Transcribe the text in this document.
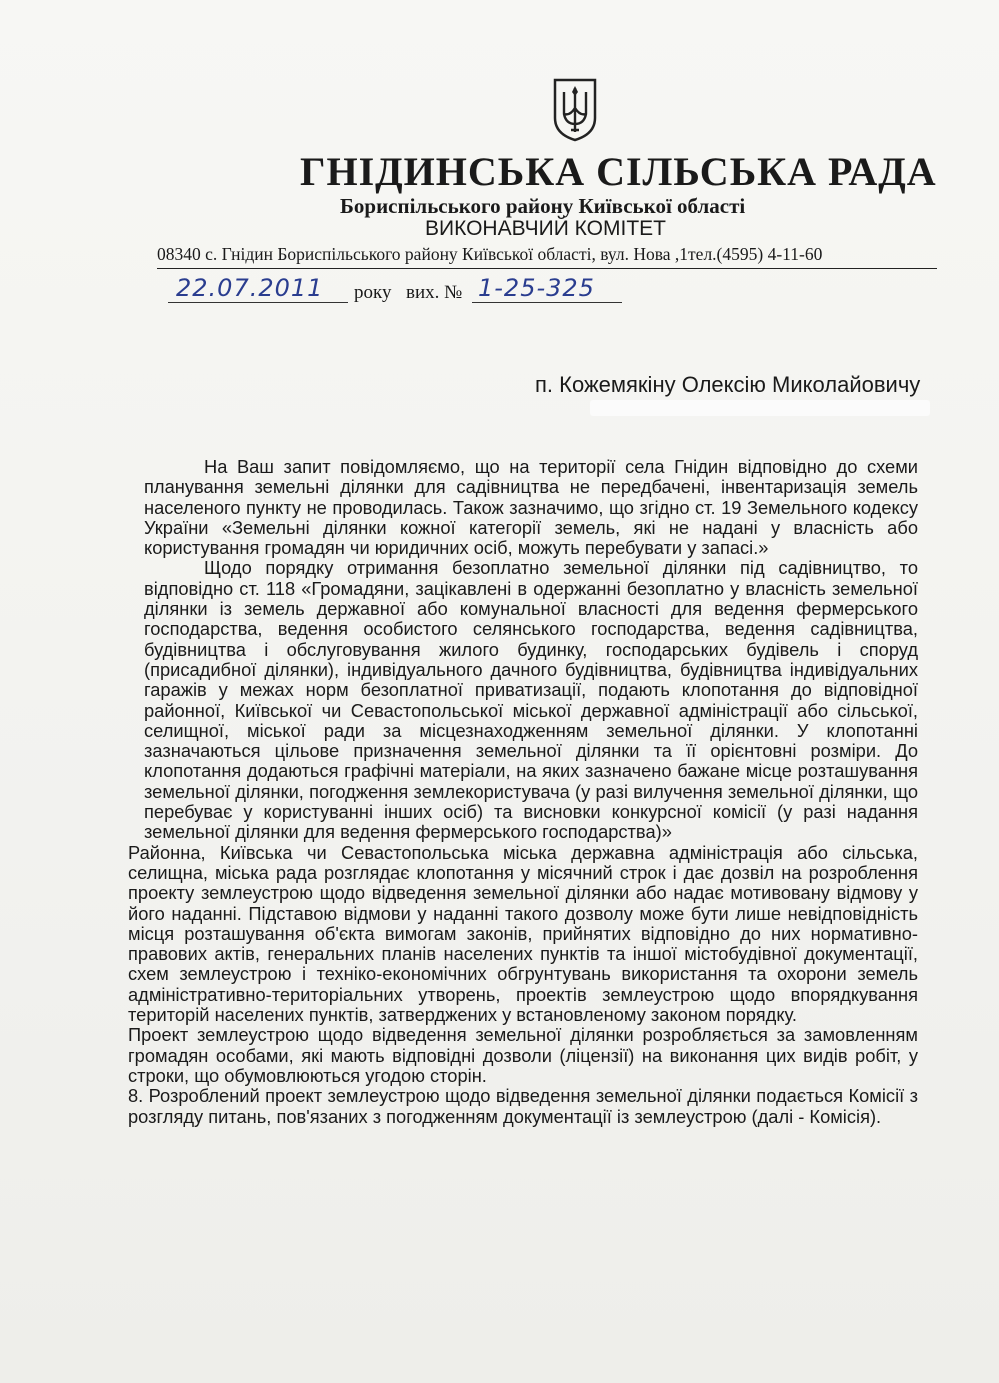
ГНІДИНСЬКА СІЛЬСЬКА РАДА
Бориспільського району Київської області
ВИКОНАВЧИЙ КОМІТЕТ
08340 с. Гнідин Бориспільського району Київської області, вул. Нова ,1тел.(4595) 4-11-60
22.07.2011 року вих. № 1-25-325
п. Кожемякіну Олексію Миколайовичу

На Ваш запит повідомляємо, що на території села Гнідин відповідно до схеми планування земельні ділянки для садівництва не передбачені, інвентаризація земель населеного пункту не проводилась. Також зазначимо, що згідно ст. 19 Земельного кодексу України «Земельні ділянки кожної категорії земель, які не надані у власність або користування громадян чи юридичних осіб, можуть перебувати у запасі.»

Щодо порядку отримання безоплатно земельної ділянки під садівництво, то відповідно ст. 118 «Громадяни, зацікавлені в одержанні безоплатно у власність земельної ділянки із земель державної або комунальної власності для ведення фермерського господарства, ведення особистого селянського господарства, ведення садівництва, будівництва і обслуговування жилого будинку, господарських будівель і споруд (присадибної ділянки), індивідуального дачного будівництва, будівництва індивідуальних гаражів у межах норм безоплатної приватизації, подають клопотання до відповідної районної, Київської чи Севастопольської міської державної адміністрації або сільської, селищної, міської ради за місцезнаходженням земельної ділянки. У клопотанні зазначаються цільове призначення земельної ділянки та її орієнтовні розміри. До клопотання додаються графічні матеріали, на яких зазначено бажане місце розташування земельної ділянки, погодження землекористувача (у разі вилучення земельної ділянки, що перебуває у користуванні інших осіб) та висновки конкурсної комісії (у разі надання земельної ділянки для ведення фермерського господарства)»

Районна, Київська чи Севастопольська міська державна адміністрація або сільська, селищна, міська рада розглядає клопотання у місячний строк і дає дозвіл на розроблення проекту землеустрою щодо відведення земельної ділянки або надає мотивовану відмову у його наданні. Підставою відмови у наданні такого дозволу може бути лише невідповідність місця розташування об'єкта вимогам законів, прийнятих відповідно до них нормативно-правових актів, генеральних планів населених пунктів та іншої містобудівної документації, схем землеустрою і техніко-економічних обгрунтувань використання та охорони земель адміністративно-територіальних утворень, проектів землеустрою щодо впорядкування територій населених пунктів, затверджених у встановленому законом порядку.

Проект землеустрою щодо відведення земельної ділянки розробляється за замовленням громадян особами, які мають відповідні дозволи (ліцензії) на виконання цих видів робіт, у строки, що обумовлюються угодою сторін.

8. Розроблений проект землеустрою щодо відведення земельної ділянки подається Комісії з розгляду питань, пов'язаних з погодженням документації із землеустрою (далі - Комісія).
